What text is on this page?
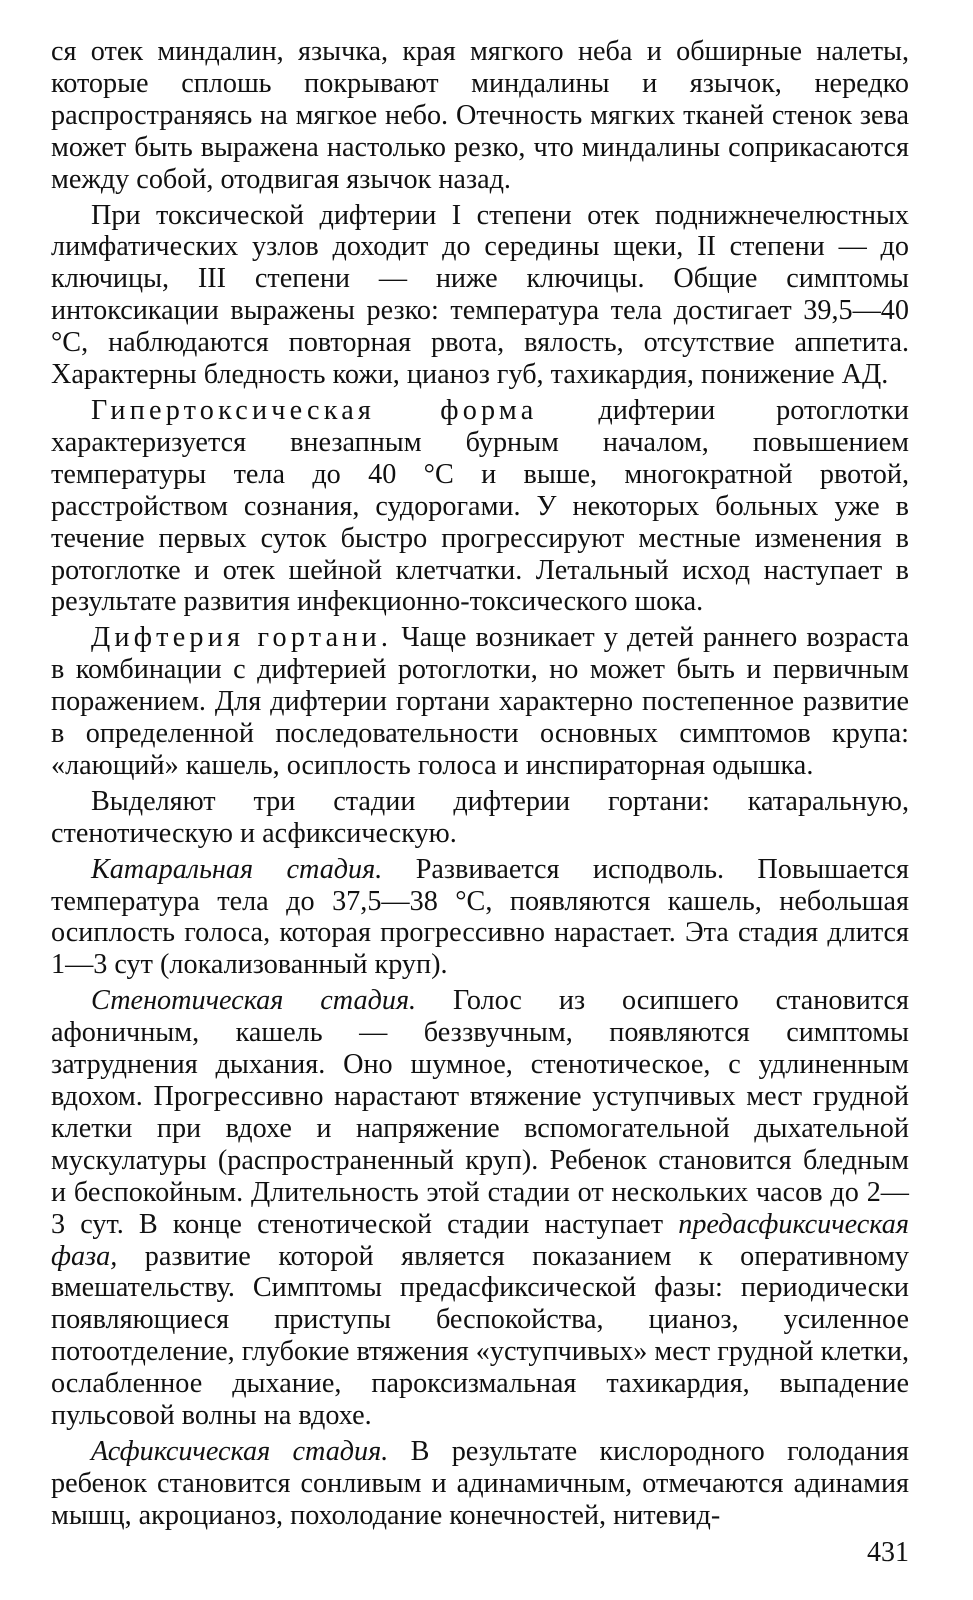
ся отек миндалин, язычка, края мягкого неба и обширные налеты, которые сплошь покрывают миндалины и язычок, нередко распространяясь на мягкое небо. Отечность мягких тканей стенок зева может быть выражена настолько резко, что миндалины соприкасаются между собой, отодвигая язычок назад.

При токсической дифтерии I степени отек поднижнечелюстных лимфатических узлов доходит до середины щеки, II степени — до ключицы, III степени — ниже ключицы. Общие симптомы интоксикации выражены резко: температура тела достигает 39,5—40 °С, наблюдаются повторная рвота, вялость, отсутствие аппетита. Характерны бледность кожи, цианоз губ, тахикардия, понижение АД.

Гипертоксическая форма дифтерии ротоглотки характеризуется внезапным бурным началом, повышением температуры тела до 40 °С и выше, многократной рвотой, расстройством сознания, судорогами. У некоторых больных уже в течение первых суток быстро прогрессируют местные изменения в ротоглотке и отек шейной клетчатки. Летальный исход наступает в результате развития инфекционно-токсического шока.

Дифтерия гортани. Чаще возникает у детей раннего возраста в комбинации с дифтерией ротоглотки, но может быть и первичным поражением. Для дифтерии гортани характерно постепенное развитие в определенной последовательности основных симптомов крупа: «лающий» кашель, осиплость голоса и инспираторная одышка.

Выделяют три стадии дифтерии гортани: катаральную, стенотическую и асфиксическую.

Катаральная стадия. Развивается исподволь. Повышается температура тела до 37,5—38 °С, появляются кашель, небольшая осиплость голоса, которая прогрессивно нарастает. Эта стадия длится 1—3 сут (локализованный круп).

Стенотическая стадия. Голос из осипшего становится афоничным, кашель — беззвучным, появляются симптомы затруднения дыхания. Оно шумное, стенотическое, с удлиненным вдохом. Прогрессивно нарастают втяжение уступчивых мест грудной клетки при вдохе и напряжение вспомогательной дыхательной мускулатуры (распространенный круп). Ребенок становится бледным и беспокойным. Длительность этой стадии от нескольких часов до 2—3 сут. В конце стенотической стадии наступает предасфиксическая фаза, развитие которой является показанием к оперативному вмешательству. Симптомы предасфиксической фазы: периодически появляющиеся приступы беспокойства, цианоз, усиленное потоотделение, глубокие втяжения «уступчивых» мест грудной клетки, ослабленное дыхание, пароксизмальная тахикардия, выпадение пульсовой волны на вдохе.

Асфиксическая стадия. В результате кислородного голодания ребенок становится сонливым и адинамичным, отмечаются адинамия мышц, акроцианоз, похолодание конечностей, нитевид-

431
